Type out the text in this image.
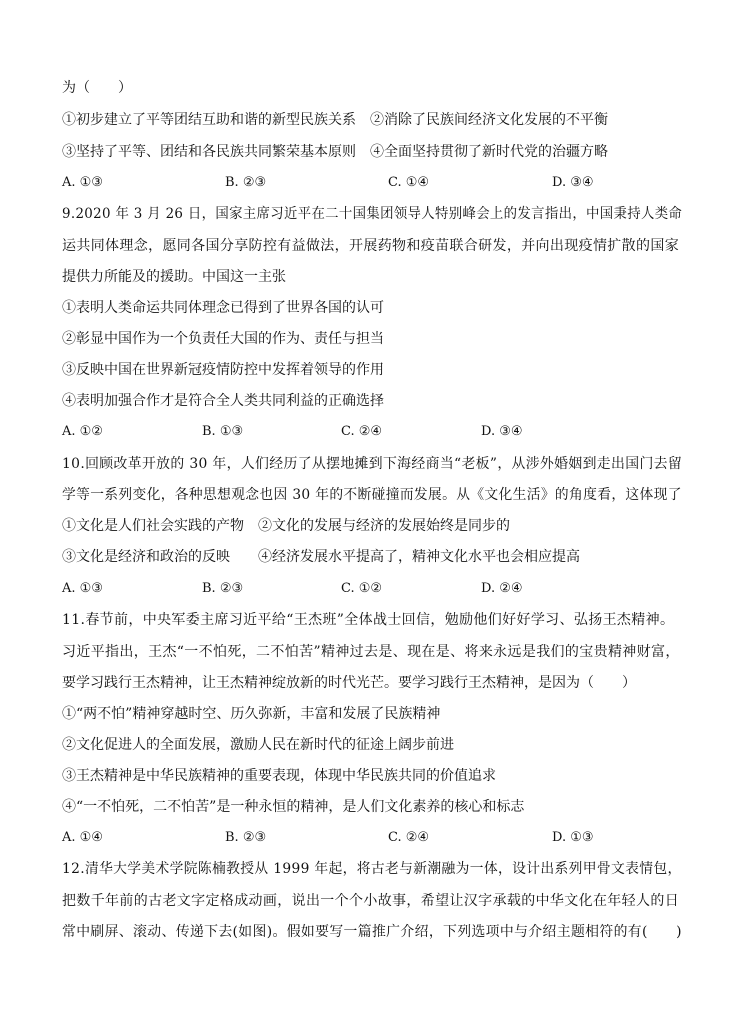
为（　　）
①初步建立了平等团结互助和谐的新型民族关系　②消除了民族间经济文化发展的不平衡
③坚持了平等、团结和各民族共同繁荣基本原则　④全面坚持贯彻了新时代党的治疆方略
A. ①③	B. ②③	C. ①④	D. ③④
9.2020 年 3 月 26 日，国家主席习近平在二十国集团领导人特别峰会上的发言指出，中国秉持人类命
运共同体理念，愿同各国分享防控有益做法，开展药物和疫苗联合研发，并向出现疫情扩散的国家
提供力所能及的援助。中国这一主张
①表明人类命运共同体理念已得到了世界各国的认可
②彰显中国作为一个负责任大国的作为、责任与担当
③反映中国在世界新冠疫情防控中发挥着领导的作用
④表明加强合作才是符合全人类共同利益的正确选择
A. ①②	B. ①③	C. ②④	D. ③④
10.回顾改革开放的 30 年，人们经历了从摆地摊到下海经商当“老板”，从涉外婚姻到走出国门去留
学等一系列变化，各种思想观念也因 30 年的不断碰撞而发展。从《文化生活》的角度看，这体现了
①文化是人们社会实践的产物　②文化的发展与经济的发展始终是同步的
③文化是经济和政治的反映　　④经济发展水平提高了，精神文化水平也会相应提高
A. ①③	B. ②③	C. ①②	D. ②④
11.春节前，中央军委主席习近平给“王杰班”全体战士回信，勉励他们好好学习、弘扬王杰精神。
习近平指出，王杰“一不怕死，二不怕苦”精神过去是、现在是、将来永远是我们的宝贵精神财富，
要学习践行王杰精神，让王杰精神绽放新的时代光芒。要学习践行王杰精神，是因为（　　）
①“两不怕”精神穿越时空、历久弥新，丰富和发展了民族精神
②文化促进人的全面发展，激励人民在新时代的征途上阔步前进
③王杰精神是中华民族精神的重要表现，体现中华民族共同的价值追求
④“一不怕死，二不怕苦”是一种永恒的精神，是人们文化素养的核心和标志
A. ①④	B. ②③	C. ②④	D. ①③
12.清华大学美术学院陈楠教授从 1999 年起，将古老与新潮融为一体，设计出系列甲骨文表情包，
把数千年前的古老文字定格成动画，说出一个个小故事，希望让汉字承载的中华文化在年轻人的日
常中刷屏、滚动、传递下去(如图)。假如要写一篇推广介绍，下列选项中与介绍主题相符的有(　　)
